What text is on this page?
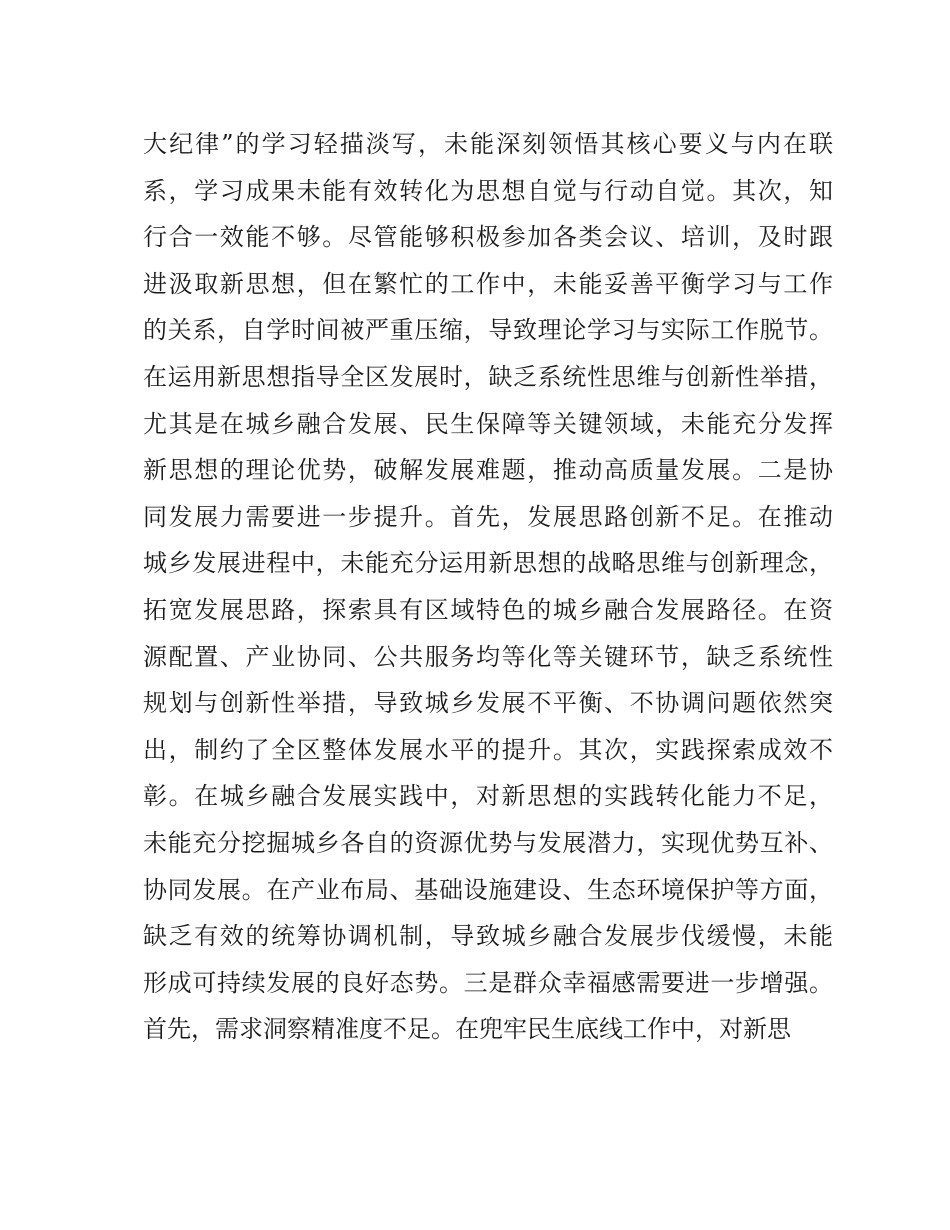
大纪律”的学习轻描淡写，未能深刻领悟其核心要义与内在联
系，学习成果未能有效转化为思想自觉与行动自觉。其次，知
行合一效能不够。尽管能够积极参加各类会议、培训，及时跟
进汲取新思想，但在繁忙的工作中，未能妥善平衡学习与工作
的关系，自学时间被严重压缩，导致理论学习与实际工作脱节。
在运用新思想指导全区发展时，缺乏系统性思维与创新性举措，
尤其是在城乡融合发展、民生保障等关键领域，未能充分发挥
新思想的理论优势，破解发展难题，推动高质量发展。二是协
同发展力需要进一步提升。首先，发展思路创新不足。在推动
城乡发展进程中，未能充分运用新思想的战略思维与创新理念，
拓宽发展思路，探索具有区域特色的城乡融合发展路径。在资
源配置、产业协同、公共服务均等化等关键环节，缺乏系统性
规划与创新性举措，导致城乡发展不平衡、不协调问题依然突
出，制约了全区整体发展水平的提升。其次，实践探索成效不
彰。在城乡融合发展实践中，对新思想的实践转化能力不足，
未能充分挖掘城乡各自的资源优势与发展潜力，实现优势互补、
协同发展。在产业布局、基础设施建设、生态环境保护等方面，
缺乏有效的统筹协调机制，导致城乡融合发展步伐缓慢，未能
形成可持续发展的良好态势。三是群众幸福感需要进一步增强。
首先，需求洞察精准度不足。在兜牢民生底线工作中，对新思
